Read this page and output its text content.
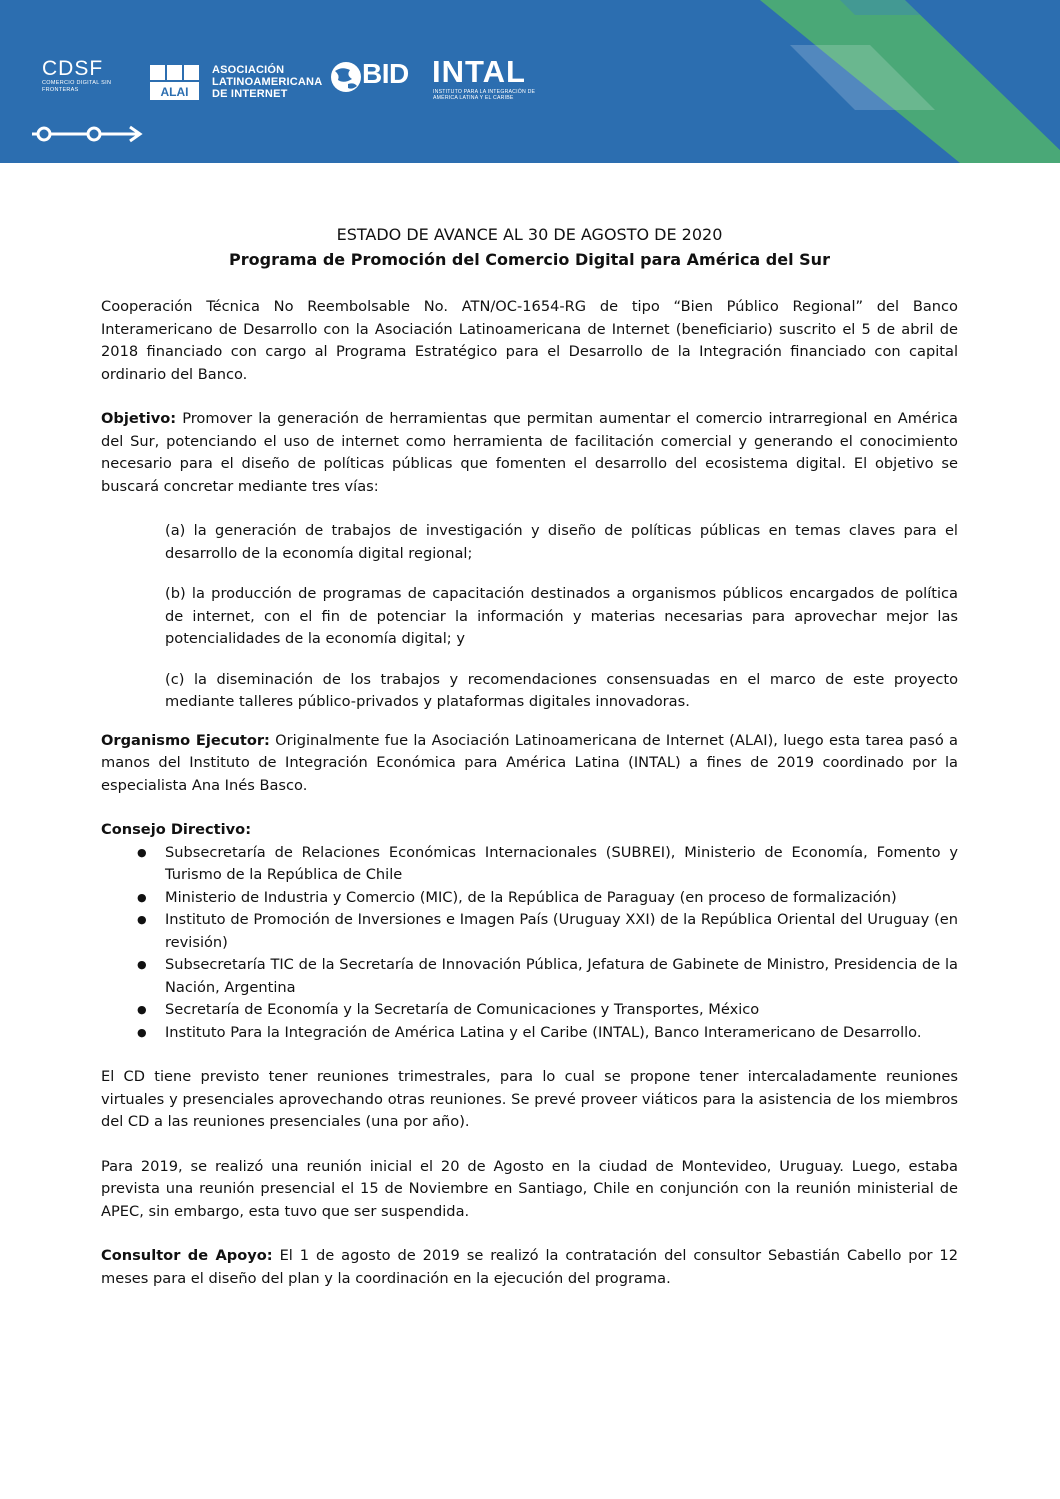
CDSF
COMERCIO DIGITAL SIN FRONTERAS	ALAI
ASOCIACIÓN LATINOAMERICANA DE INTERNET
BID INTAL
INSTITUTO PARA LA INTEGRACIÓN DE AMÉRICA LATINA Y EL CARIBE
ESTADO DE AVANCE AL 30 DE AGOSTO DE 2020
Programa de Promoción del Comercio Digital para América del Sur

Cooperación Técnica No Reembolsable No. ATN/OC-1654-RG de tipo “Bien Público Regional” del Banco Interamericano de Desarrollo con la Asociación Latinoamericana de Internet (beneficiario) suscrito el 5 de abril de 2018 financiado con cargo al Programa Estratégico para el Desarrollo de la Integración financiado con capital ordinario del Banco.

Objetivo: Promover la generación de herramientas que permitan aumentar el comercio intrarregional en América del Sur, potenciando el uso de internet como herramienta de facilitación comercial y generando el conocimiento necesario para el diseño de políticas públicas que fomenten el desarrollo del ecosistema digital. El objetivo se buscará concretar mediante tres vías:

(a) la generación de trabajos de investigación y diseño de políticas públicas en temas claves para el desarrollo de la economía digital regional;

(b) la producción de programas de capacitación destinados a organismos públicos encargados de política de internet, con el fin de potenciar la información y materias necesarias para aprovechar mejor las potencialidades de la economía digital; y

(c) la diseminación de los trabajos y recomendaciones consensuadas en el marco de este proyecto mediante talleres público-privados y plataformas digitales innovadoras.

Organismo Ejecutor: Originalmente fue la Asociación Latinoamericana de Internet (ALAI), luego esta tarea pasó a manos del Instituto de Integración Económica para América Latina (INTAL) a fines de 2019 coordinado por la especialista Ana Inés Basco.

Consejo Directivo:

● Subsecretaría de Relaciones Económicas Internacionales (SUBREI), Ministerio de Economía, Fomento y Turismo de la República de Chile
● Ministerio de Industria y Comercio (MIC), de la República de Paraguay (en proceso de formalización)
● Instituto de Promoción de Inversiones e Imagen País (Uruguay XXI) de la República Oriental del Uruguay (en revisión)
● Subsecretaría TIC de la Secretaría de Innovación Pública, Jefatura de Gabinete de Ministro, Presidencia de la Nación, Argentina
● Secretaría de Economía y la Secretaría de Comunicaciones y Transportes, México
● Instituto Para la Integración de América Latina y el Caribe (INTAL), Banco Interamericano de Desarrollo.

El CD tiene previsto tener reuniones trimestrales, para lo cual se propone tener intercaladamente reuniones virtuales y presenciales aprovechando otras reuniones. Se prevé proveer viáticos para la asistencia de los miembros del CD a las reuniones presenciales (una por año).

Para 2019, se realizó una reunión inicial el 20 de Agosto en la ciudad de Montevideo, Uruguay. Luego, estaba prevista una reunión presencial el 15 de Noviembre en Santiago, Chile en conjunción con la reunión ministerial de APEC, sin embargo, esta tuvo que ser suspendida.

Consultor de Apoyo: El 1 de agosto de 2019 se realizó la contratación del consultor Sebastián Cabello por 12 meses para el diseño del plan y la coordinación en la ejecución del programa.
